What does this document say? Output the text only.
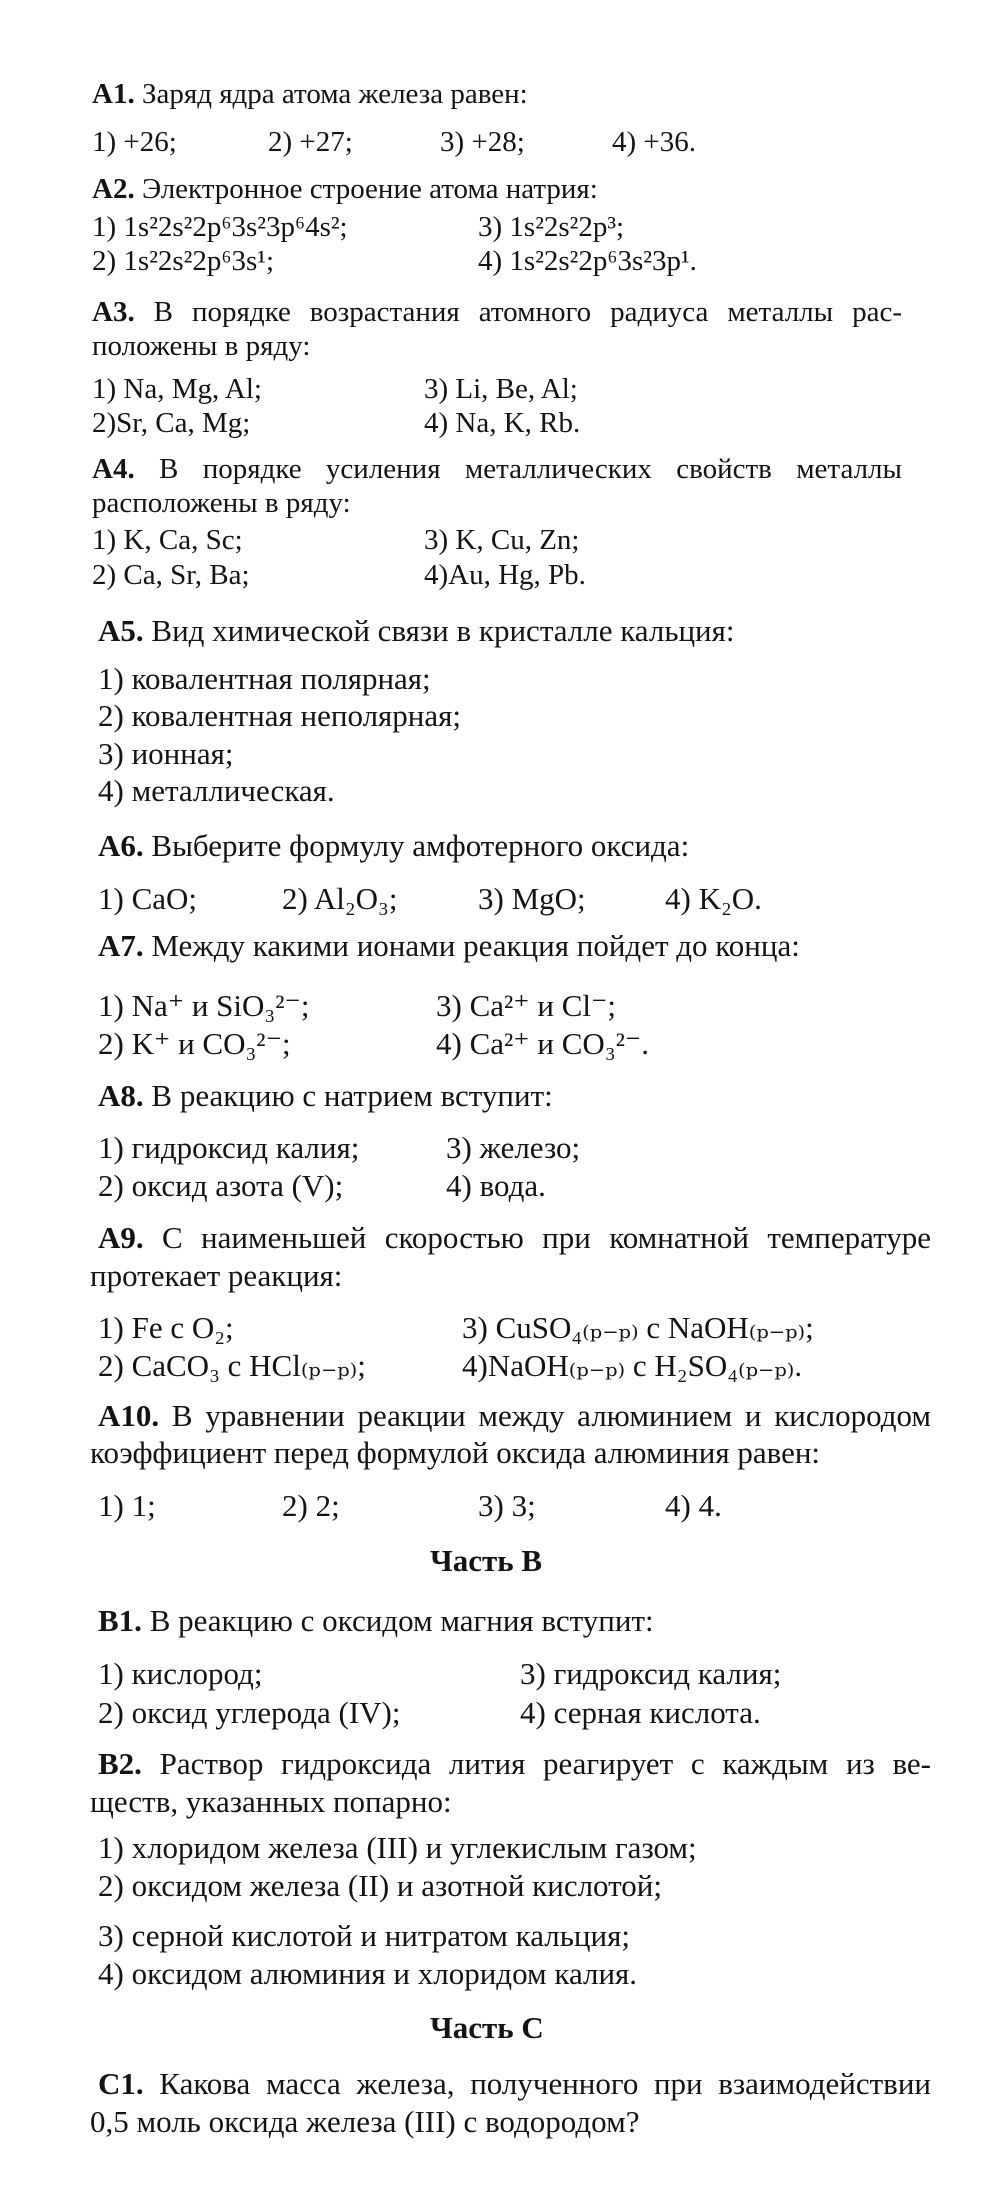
А1. Заряд ядра атома железа равен:
1) +26;	2) +27;	3) +28;	4) +36.
А2. Электронное строение атома натрия:
1) 1s²2s²2p⁶3s²3p⁶4s²;	3) 1s²2s²2p³;
2) 1s²2s²2p⁶3s¹;	4) 1s²2s²2p⁶3s²3p¹.
А3. В порядке возрастания атомного радиуса металлы рас-
положены в ряду:
1) Na, Mg, Al;	3) Li, Be, Al;
2)Sr, Ca, Mg;	4) Na, K, Rb.
А4. В порядке усиления металлических свойств металлы
расположены в ряду:
1) K, Ca, Sc;	3) K, Cu, Zn;
2) Ca, Sr, Ba;	4)Au, Hg, Pb.
А5. Вид химической связи в кристалле кальция:
1) ковалентная полярная;
2) ковалентная неполярная;
3) ионная;
4) металлическая.
А6. Выберите формулу амфотерного оксида:
1) CaO;	2) Al₂O₃;	3) MgO;	4) K₂O.
А7. Между какими ионами реакция пойдет до конца:
1) Na⁺ и SiO₃²⁻;	3) Ca²⁺ и Cl⁻;
2) K⁺ и CO₃²⁻;	4) Ca²⁺ и CO₃²⁻.
А8. В реакцию с натрием вступит:
1) гидроксид калия;	3) железо;
2) оксид азота (V);	4) вода.
А9. С наименьшей скоростью при комнатной температуре
протекает реакция:
1) Fe с O₂;	3) CuSO₄₍ₚ₋ₚ₎ с NaOH₍ₚ₋ₚ₎;
2) CaCO₃ с HCl₍ₚ₋ₚ₎;	4)NaOH₍ₚ₋ₚ₎ с H₂SO₄₍ₚ₋ₚ₎.
А10. В уравнении реакции между алюминием и кислородом
коэффициент перед формулой оксида алюминия равен:
1) 1;	2) 2;	3) 3;	4) 4.
Часть В
В1. В реакцию с оксидом магния вступит:
1) кислород;	3) гидроксид калия;
2) оксид углерода (IV);	4) серная кислота.
В2. Раствор гидроксида лития реагирует с каждым из ве-
ществ, указанных попарно:
1) хлоридом железа (III) и углекислым газом;
2) оксидом железа (II) и азотной кислотой;
3) серной кислотой и нитратом кальция;
4) оксидом алюминия и хлоридом калия.
Часть С
С1. Какова масса железа, полученного при взаимодействии
0,5 моль оксида железа (III) с водородом?
